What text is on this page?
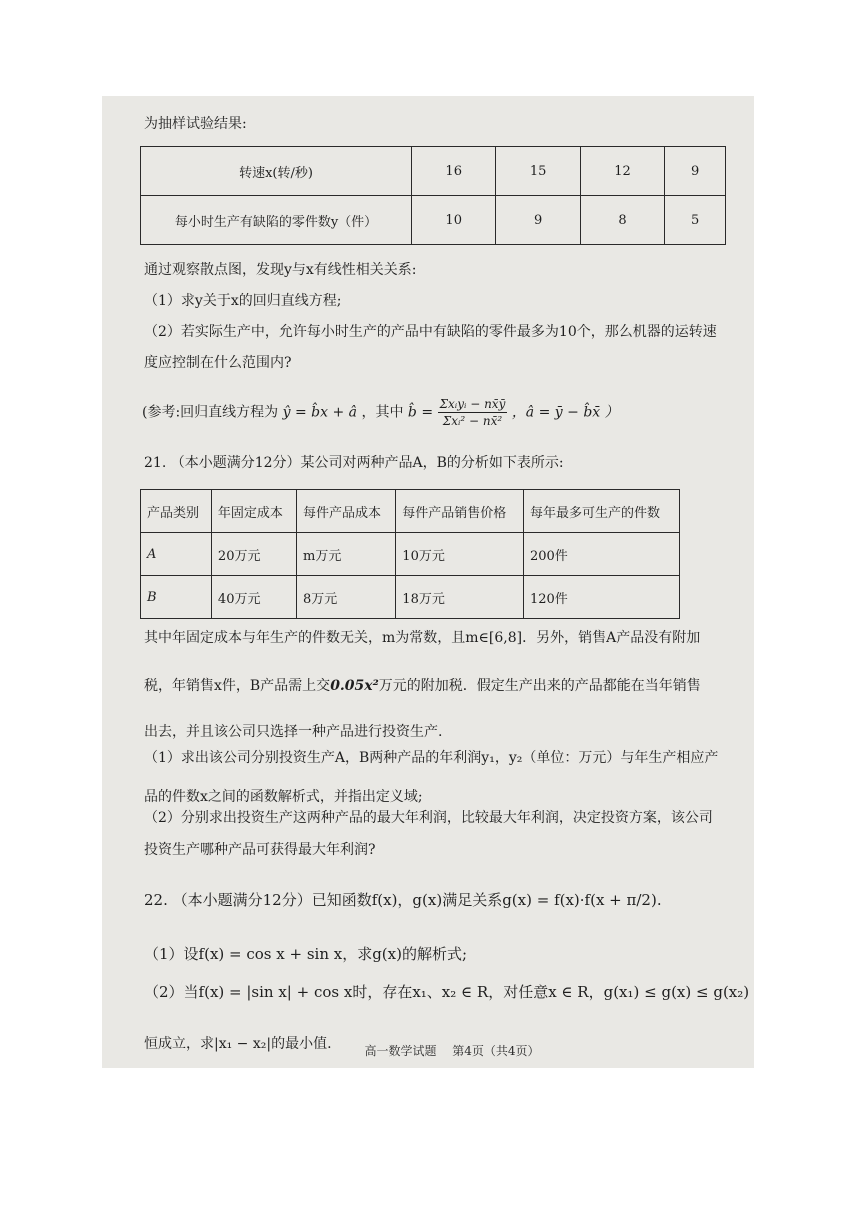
为抽样试验结果:
转速x(转/秒)	16	15	12	9
每小时生产有缺陷的零件数y（件）	10	9	8	5
通过观察散点图，发现y与x有线性相关关系:
（1）求y关于x的回归直线方程;
（2）若实际生产中，允许每小时生产的产品中有缺陷的零件最多为10个，那么机器的运转速
度应控制在什么范围内?
(参考:回归直线方程为 ŷ = b̂x + â ，其中 b̂ = $\frac{\text{Σxᵢyᵢ − nx̄ȳ}}{\text{Σxᵢ² − nx̄²}}$ ，â = ȳ − b̂x̄ ）
21. （本小题满分12分）某公司对两种产品A，B的分析如下表所示:
产品类别	年固定成本	每件产品成本	每件产品销售价格	每年最多可生产的件数
A	20万元	m万元	10万元	200件
B	40万元	8万元	18万元	120件
其中年固定成本与年生产的件数无关，m为常数，且m∈[6,8]．另外，销售A产品没有附加
税，年销售x件，B产品需上交0.05x²万元的附加税．假定生产出来的产品都能在当年销售
出去，并且该公司只选择一种产品进行投资生产.
（1）求出该公司分别投资生产A，B两种产品的年利润y₁，y₂（单位：万元）与年生产相应产
品的件数x之间的函数解析式，并指出定义域;
（2）分别求出投资生产这两种产品的最大年利润，比较最大年利润，决定投资方案，该公司
投资生产哪种产品可获得最大年利润?
22. （本小题满分12分）已知函数f(x)，g(x)满足关系g(x) = f(x)·f(x + π/2).
（1）设f(x) = cos x + sin x，求g(x)的解析式;
（2）当f(x) = |sin x| + cos x时，存在x₁、x₂ ∈ R，对任意x ∈ R，g(x₁) ≤ g(x) ≤ g(x₂)
恒成立，求|x₁ − x₂|的最小值.	高一数学试题 第4页（共4页）
